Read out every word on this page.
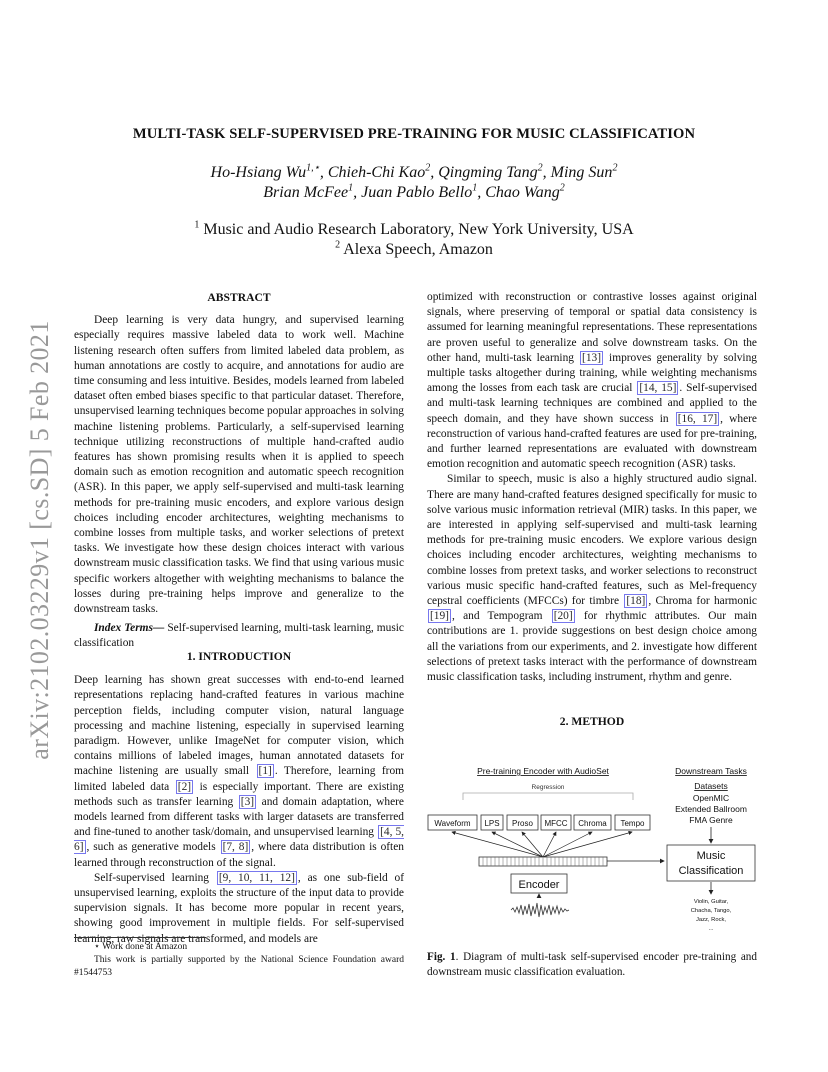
MULTI-TASK SELF-SUPERVISED PRE-TRAINING FOR MUSIC CLASSIFICATION
Ho-Hsiang $Wu^{1,⋆}$, Chieh-Chi Kao$^2$, Qingming Tang$^2$, Ming Sun$^2$
Brian McFee$^1$, Juan Pablo Bello$^1$, Chao Wang$^2$
$^1$ Music and Audio Research Laboratory, New York University, USA
$^2$ Alexa Speech, Amazon
arXiv:2102.03229v1 [cs.SD] 5 Feb 2021
ABSTRACT

Deep learning is very data hungry, and supervised learning especially requires massive labeled data to work well. Machine listening research often suffers from limited labeled data problem, as human annotations are costly to acquire, and annotations for audio are time consuming and less intuitive. Besides, models learned from labeled dataset often embed biases specific to that particular dataset. Therefore, unsupervised learning techniques become popular approaches in solving machine listening problems. Particularly, a self-supervised learning technique utilizing reconstructions of multiple hand-crafted audio features has shown promising results when it is applied to speech domain such as emotion recognition and automatic speech recognition (ASR). In this paper, we apply self-supervised and multi-task learning methods for pre-training music encoders, and explore various design choices including encoder architectures, weighting mechanisms to combine losses from multiple tasks, and worker selections of pretext tasks. We investigate how these design choices interact with various downstream music classification tasks. We find that using various music specific workers altogether with weighting mechanisms to balance the losses during pre-training helps improve and generalize to the downstream tasks.

Index Terms— Self-supervised learning, multi-task learning, music classification

1. INTRODUCTION

Deep learning has shown great successes with end-to-end learned representations replacing hand-crafted features in various machine perception fields, including computer vision, natural language processing and machine listening, especially in supervised learning paradigm. However, unlike ImageNet for computer vision, which contains millions of labeled images, human annotated datasets for machine listening are usually small [1] . Therefore, learning from limited labeled data [2] is especially important. There are existing methods such as transfer learning [3] and domain adaptation, where models learned from different tasks with larger datasets are transferred and fine-tuned to another task/domain, and unsupervised learning [4, 5, 6] , such as generative models [7, 8] , where data distribution is often learned through reconstruction of the signal.

Self-supervised learning [9, 10, 11, 12] , as one sub-field of unsupervised learning, exploits the structure of the input data to provide supervision signals. It has become more popular in recent years, showing good improvement in multiple fields. For self-supervised learning, raw signals are transformed, and models are

⋆ Work done at Amazon
This work is partially supported by the National Science Foundation award #1544753

optimized with reconstruction or contrastive losses against original signals, where preserving of temporal or spatial data consistency is assumed for learning meaningful representations. These representations are proven useful to generalize and solve downstream tasks. On the other hand, multi-task learning [13] improves generality by solving multiple tasks altogether during training, while weighting mechanisms among the losses from each task are crucial [14, 15] . Self-supervised and multi-task learning techniques are combined and applied to the speech domain, and they have shown success in [16, 17] , where reconstruction of various hand-crafted features are used for pre-training, and further learned representations are evaluated with downstream emotion recognition and automatic speech recognition (ASR) tasks.

Similar to speech, music is also a highly structured audio signal. There are many hand-crafted features designed specifically for music to solve various music information retrieval (MIR) tasks. In this paper, we are interested in applying self-supervised and multi-task learning methods for pre-training music encoders. We explore various design choices including encoder architectures, weighting mechanisms to combine losses from pretext tasks, and worker selections to reconstruct various music specific hand-crafted features, such as Mel-frequency cepstral coefficients (MFCCs) for timbre [18] , Chroma for harmonic [19] , and Tempogram [20] for rhythmic attributes. Our main contributions are 1. provide suggestions on best design choice among all the variations from our experiments, and 2. investigate how different selections of pretext tasks interact with the performance of downstream music classification tasks, including instrument, rhythm and genre.

2. METHOD
Pre-training Encoder with AudioSet	Downstream Tasks
Regression
Waveform LPS Proso MFCC Chroma Tempo
Encoder
Datasets
OpenMIC
Extended Ballroom
FMA Genre
Music
Classification
Violin, Guitar,
Chacha, Tango,
Jazz, Rock,
...
Fig. 1. Diagram of multi-task self-supervised encoder pre-training and downstream music classification evaluation.
